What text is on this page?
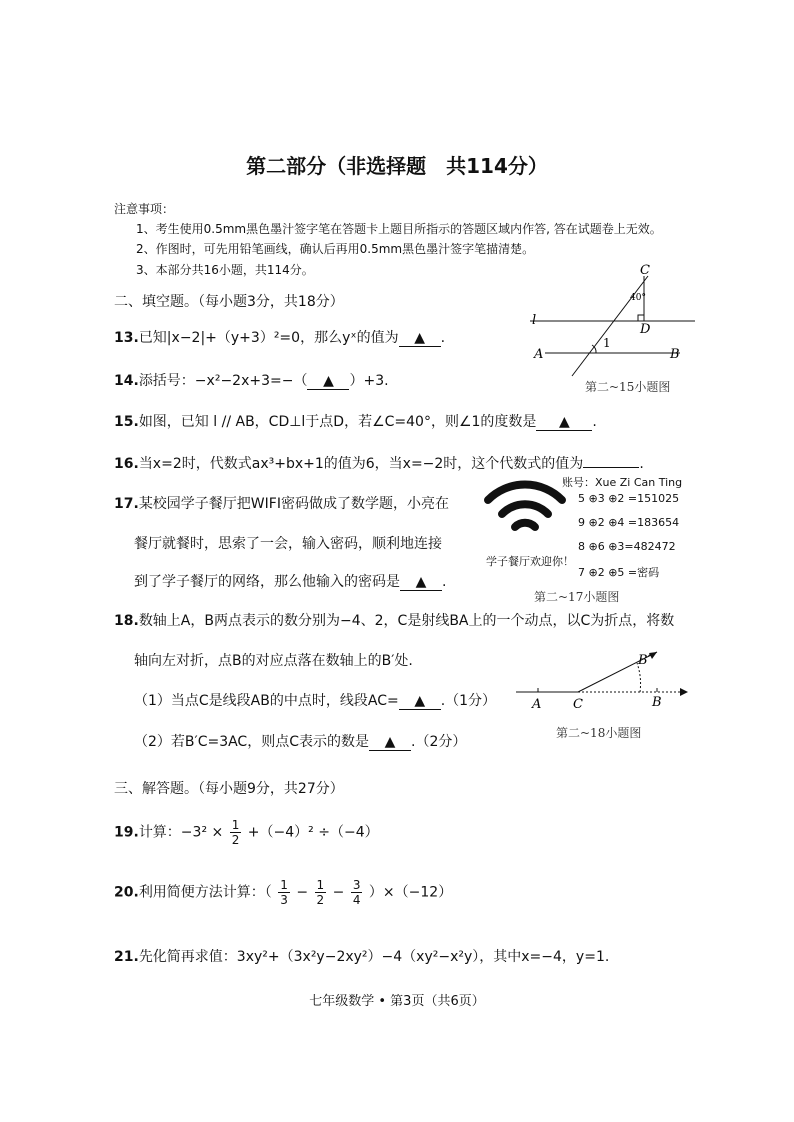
第二部分（非选择题　共114分）
注意事项：
1、考生使用0.5mm黑色墨汁签字笔在答题卡上题目所指示的答题区域内作答, 答在试题卷上无效。
2、作图时，可先用铅笔画线，确认后再用0.5mm黑色墨汁签字笔描清楚。
3、本部分共16小题，共114分。
二、填空题。（每小题3分，共18分）
13.已知|x−2|+（y+3）²=0，那么yˣ的值为 ▲ .
14.添括号：−x²−2x+3=−（ ▲ ）+3.
15.如图，已知 l // AB，CD⊥l于点D，若∠C=40°，则∠1的度数是 ▲ .
16.当x=2时，代数式ax³+bx+1的值为6，当x=−2时，这个代数式的值为	.
17.某校园学子餐厅把WIFI密码做成了数学题，小亮在
餐厅就餐时，思索了一会，输入密码，顺利地连接
到了学子餐厅的网络，那么他输入的密码是 ▲ .
18.数轴上A，B两点表示的数分别为−4、2，C是射线BA上的一个动点，以C为折点，将数
轴向左对折，点B的对应点落在数轴上的B′处.
（1）当点C是线段AB的中点时，线段AC= ▲ .（1分）
（2）若B′C=3AC，则点C表示的数是 ▲ .（2分）
三、解答题。（每小题9分，共27分）
19.计算：$-3^2 \times \frac{1}{2} +(-4)^2 \div(-4)$
20.利用简便方法计算：（ $\frac{1}{3} - \frac{1}{2} - \frac{3}{4} )\times(-12)$
21.先化简再求值：3xy²+（3x²y−2xy²）−4（xy²−x²y），其中x=−4，y=1.
C
D
l
A	B
40°
1
第二~15小题图
学子餐厅欢迎你！
账号：Xue Zi Can Ting
5 ⊕3 ⊕2 =151025
9 ⊕2 ⊕4 =183654
8 ⊕6 ⊕3=482472
7 ⊕2 ⊕5 =密码
第二~17小题图
A C	B
B′
第二~18小题图
七年级数学 • 第3页（共6页）
